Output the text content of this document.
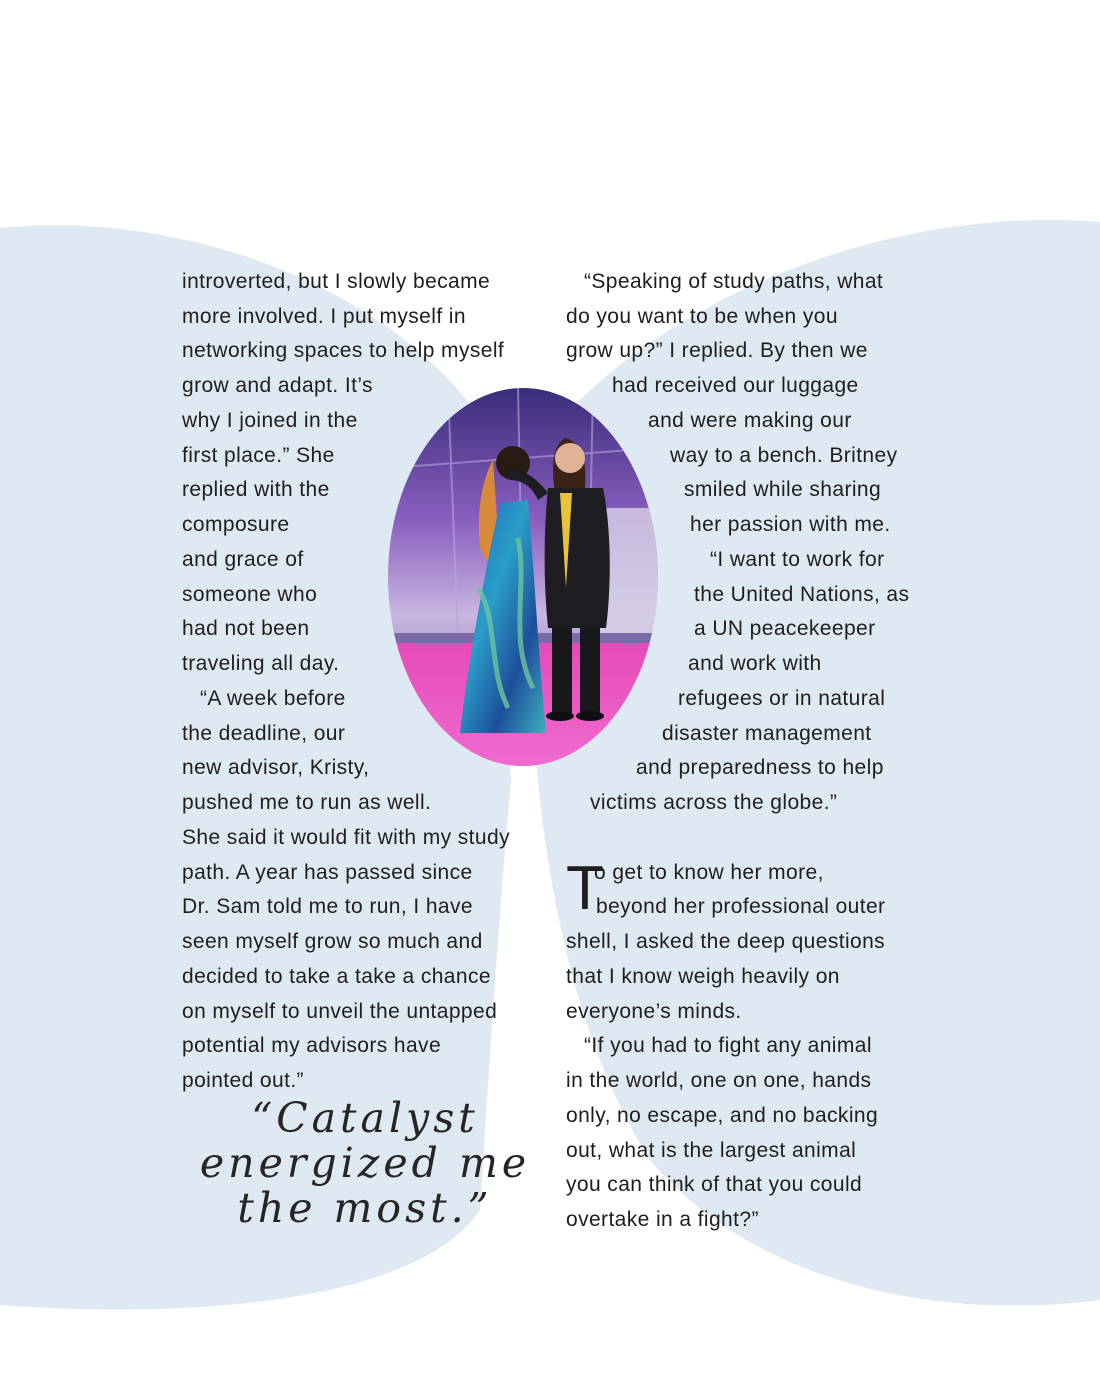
introverted, but I slowly became
more involved. I put myself in
networking spaces to help myself
grow and adapt. It’s
why I joined in the
first place.” She
replied with the
composure
and grace of
someone who
had not been
traveling all day.
“A week before
the deadline, our
new advisor, Kristy,
pushed me to run as well.
She said it would fit with my study
path. A year has passed since
Dr. Sam told me to run, I have
seen myself grow so much and
decided to take a take a chance
on myself to unveil the untapped
potential my advisors have
pointed out.”
“Speaking of study paths, what
do you want to be when you
grow up?” I replied. By then we
had received our luggage
and were making our
way to a bench. Britney
smiled while sharing
her passion with me.
“I want to work for
the United Nations, as
a UN peacekeeper
and work with
refugees or in natural
disaster management
and preparedness to help
victims across the globe.”
T
o get to know her more,
beyond her professional outer
shell, I asked the deep questions
that I know weigh heavily on
everyone’s minds.
“If you had to fight any animal
in the world, one on one, hands
only, no escape, and no backing
out, what is the largest animal
you can think of that you could
overtake in a fight?”
“Catalyst
energized me
the most.”
